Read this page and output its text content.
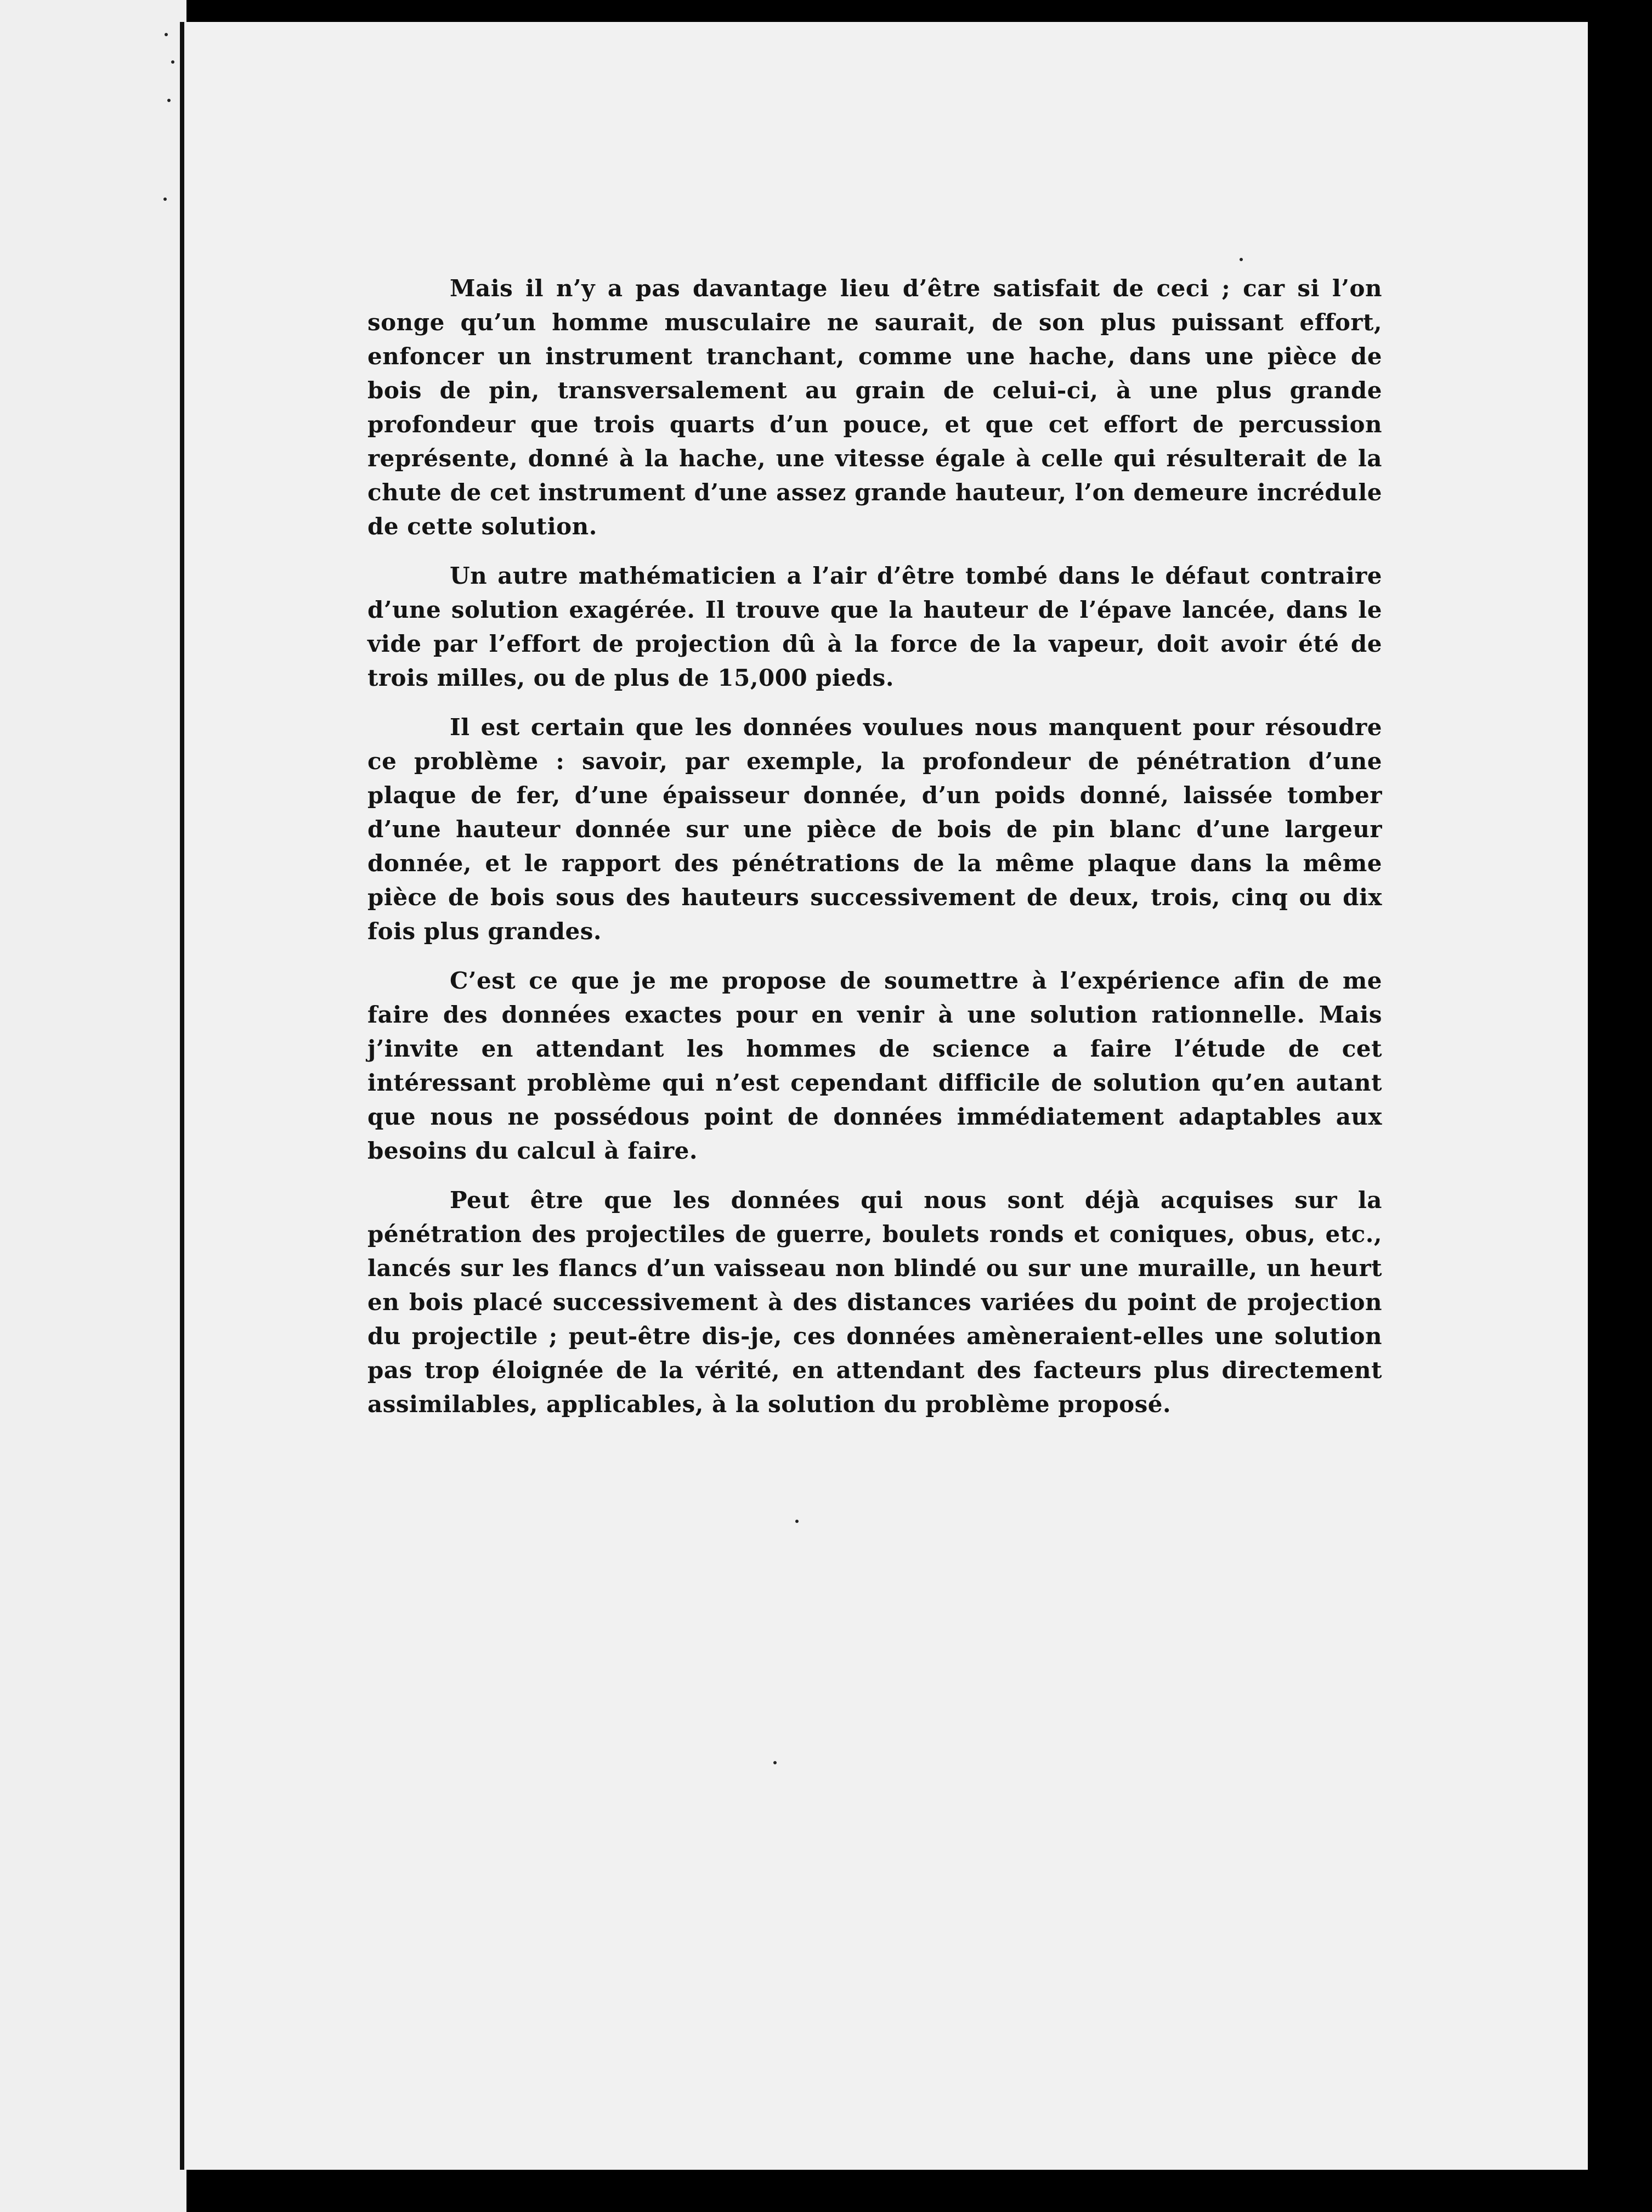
Mais il n’y a pas davantage lieu d’être satisfait de ceci ; car si l’on songe qu’un homme musculaire ne saurait, de son plus puissant effort, enfoncer un instrument tranchant, comme une hache, dans une pièce de bois de pin, transversalement au grain de celui-ci, à une plus grande profondeur que trois quarts d’un pouce, et que cet effort de percussion représente, donné à la hache, une vitesse égale à celle qui résulterait de la chute de cet instrument d’une assez grande hauteur, l’on demeure incrédule de cette solution.

Un autre mathématicien a l’air d’être tombé dans le défaut contraire d’une solution exagérée. Il trouve que la hauteur de l’épave lancée, dans le vide par l’effort de projection dû à la force de la vapeur, doit avoir été de trois milles, ou de plus de 15,000 pieds.

Il est certain que les données voulues nous manquent pour résoudre ce problème : savoir, par exemple, la profondeur de pénétration d’une plaque de fer, d’une épaisseur donnée, d’un poids donné, laissée tomber d’une hauteur donnée sur une pièce de bois de pin blanc d’une largeur donnée, et le rapport des pénétrations de la même plaque dans la même pièce de bois sous des hauteurs successivement de deux, trois, cinq ou dix fois plus grandes.

C’est ce que je me propose de soumettre à l’expérience afin de me faire des données exactes pour en venir à une solution rationnelle. Mais j’invite en attendant les hommes de science a faire l’étude de cet intéressant problème qui n’est cependant difficile de solution qu’en autant que nous ne possédous point de données immédiatement adaptables aux besoins du calcul à faire.

Peut être que les données qui nous sont déjà acquises sur la pénétration des projectiles de guerre, boulets ronds et coniques, obus, etc., lancés sur les flancs d’un vaisseau non blindé ou sur une muraille, un heurt en bois placé successivement à des distances variées du point de projection du projectile ; peut-être dis-je, ces données amèneraient-elles une solution pas trop éloignée de la vérité, en attendant des facteurs plus directement assimilables, applicables, à la solution du problème proposé.
